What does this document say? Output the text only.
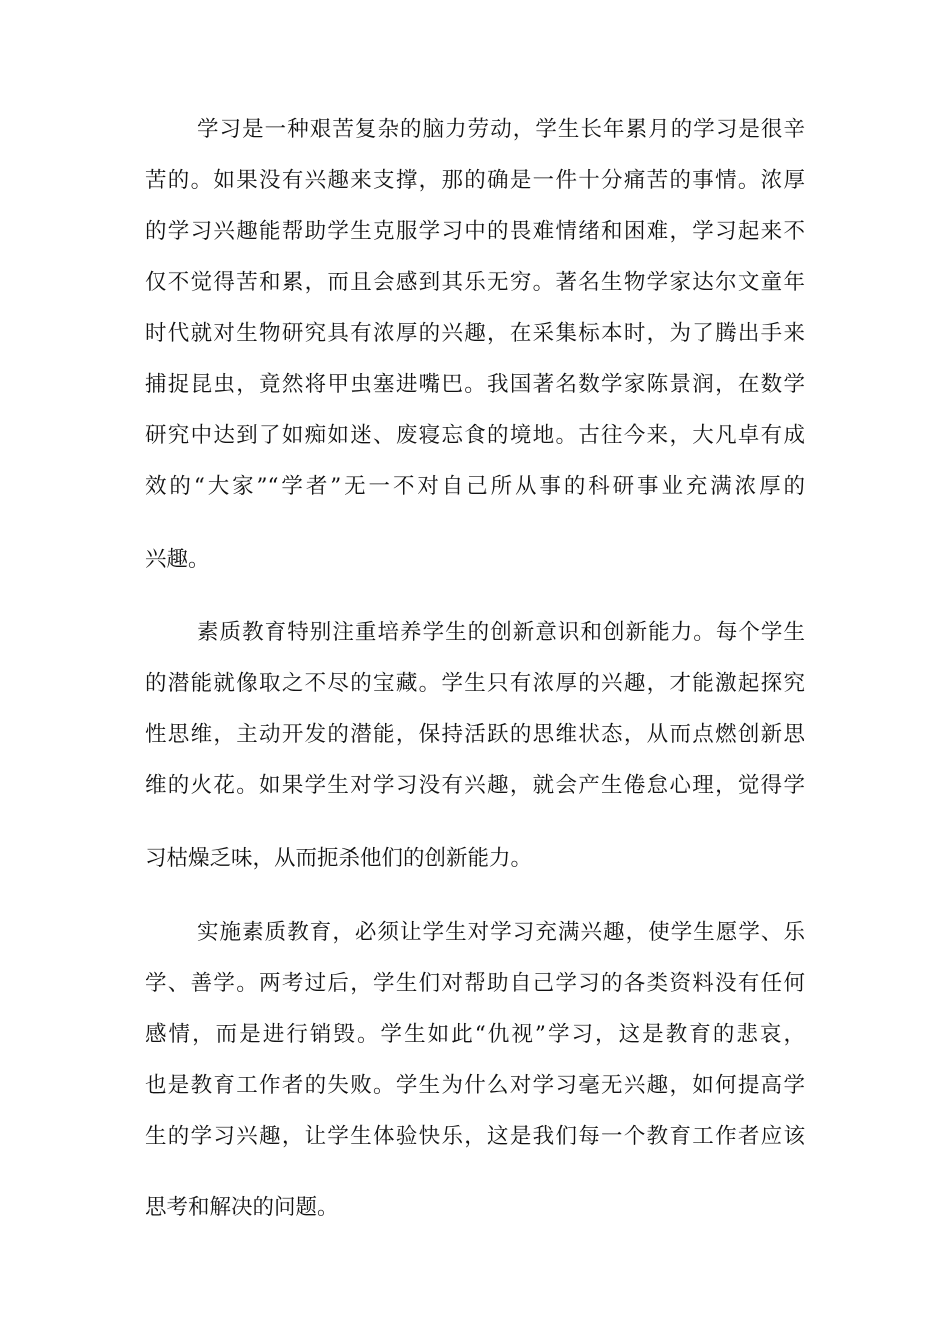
学习是一种艰苦复杂的脑力劳动，学生长年累月的学习是很辛
苦的。如果没有兴趣来支撑，那的确是一件十分痛苦的事情。浓厚
的学习兴趣能帮助学生克服学习中的畏难情绪和困难，学习起来不
仅不觉得苦和累，而且会感到其乐无穷。著名生物学家达尔文童年
时代就对生物研究具有浓厚的兴趣，在采集标本时，为了腾出手来
捕捉昆虫，竟然将甲虫塞进嘴巴。我国著名数学家陈景润，在数学
研究中达到了如痴如迷、废寝忘食的境地。古往今来，大凡卓有成
效的“大家”“学者”无一不对自己所从事的科研事业充满浓厚的
兴趣。
素质教育特别注重培养学生的创新意识和创新能力。每个学生
的潜能就像取之不尽的宝藏。学生只有浓厚的兴趣，才能激起探究
性思维，主动开发的潜能，保持活跃的思维状态，从而点燃创新思
维的火花。如果学生对学习没有兴趣，就会产生倦怠心理，觉得学
习枯燥乏味，从而扼杀他们的创新能力。
实施素质教育，必须让学生对学习充满兴趣，使学生愿学、乐
学、善学。两考过后，学生们对帮助自己学习的各类资料没有任何
感情，而是进行销毁。学生如此“仇视”学习，这是教育的悲哀，
也是教育工作者的失败。学生为什么对学习毫无兴趣，如何提高学
生的学习兴趣，让学生体验快乐，这是我们每一个教育工作者应该
思考和解决的问题。
